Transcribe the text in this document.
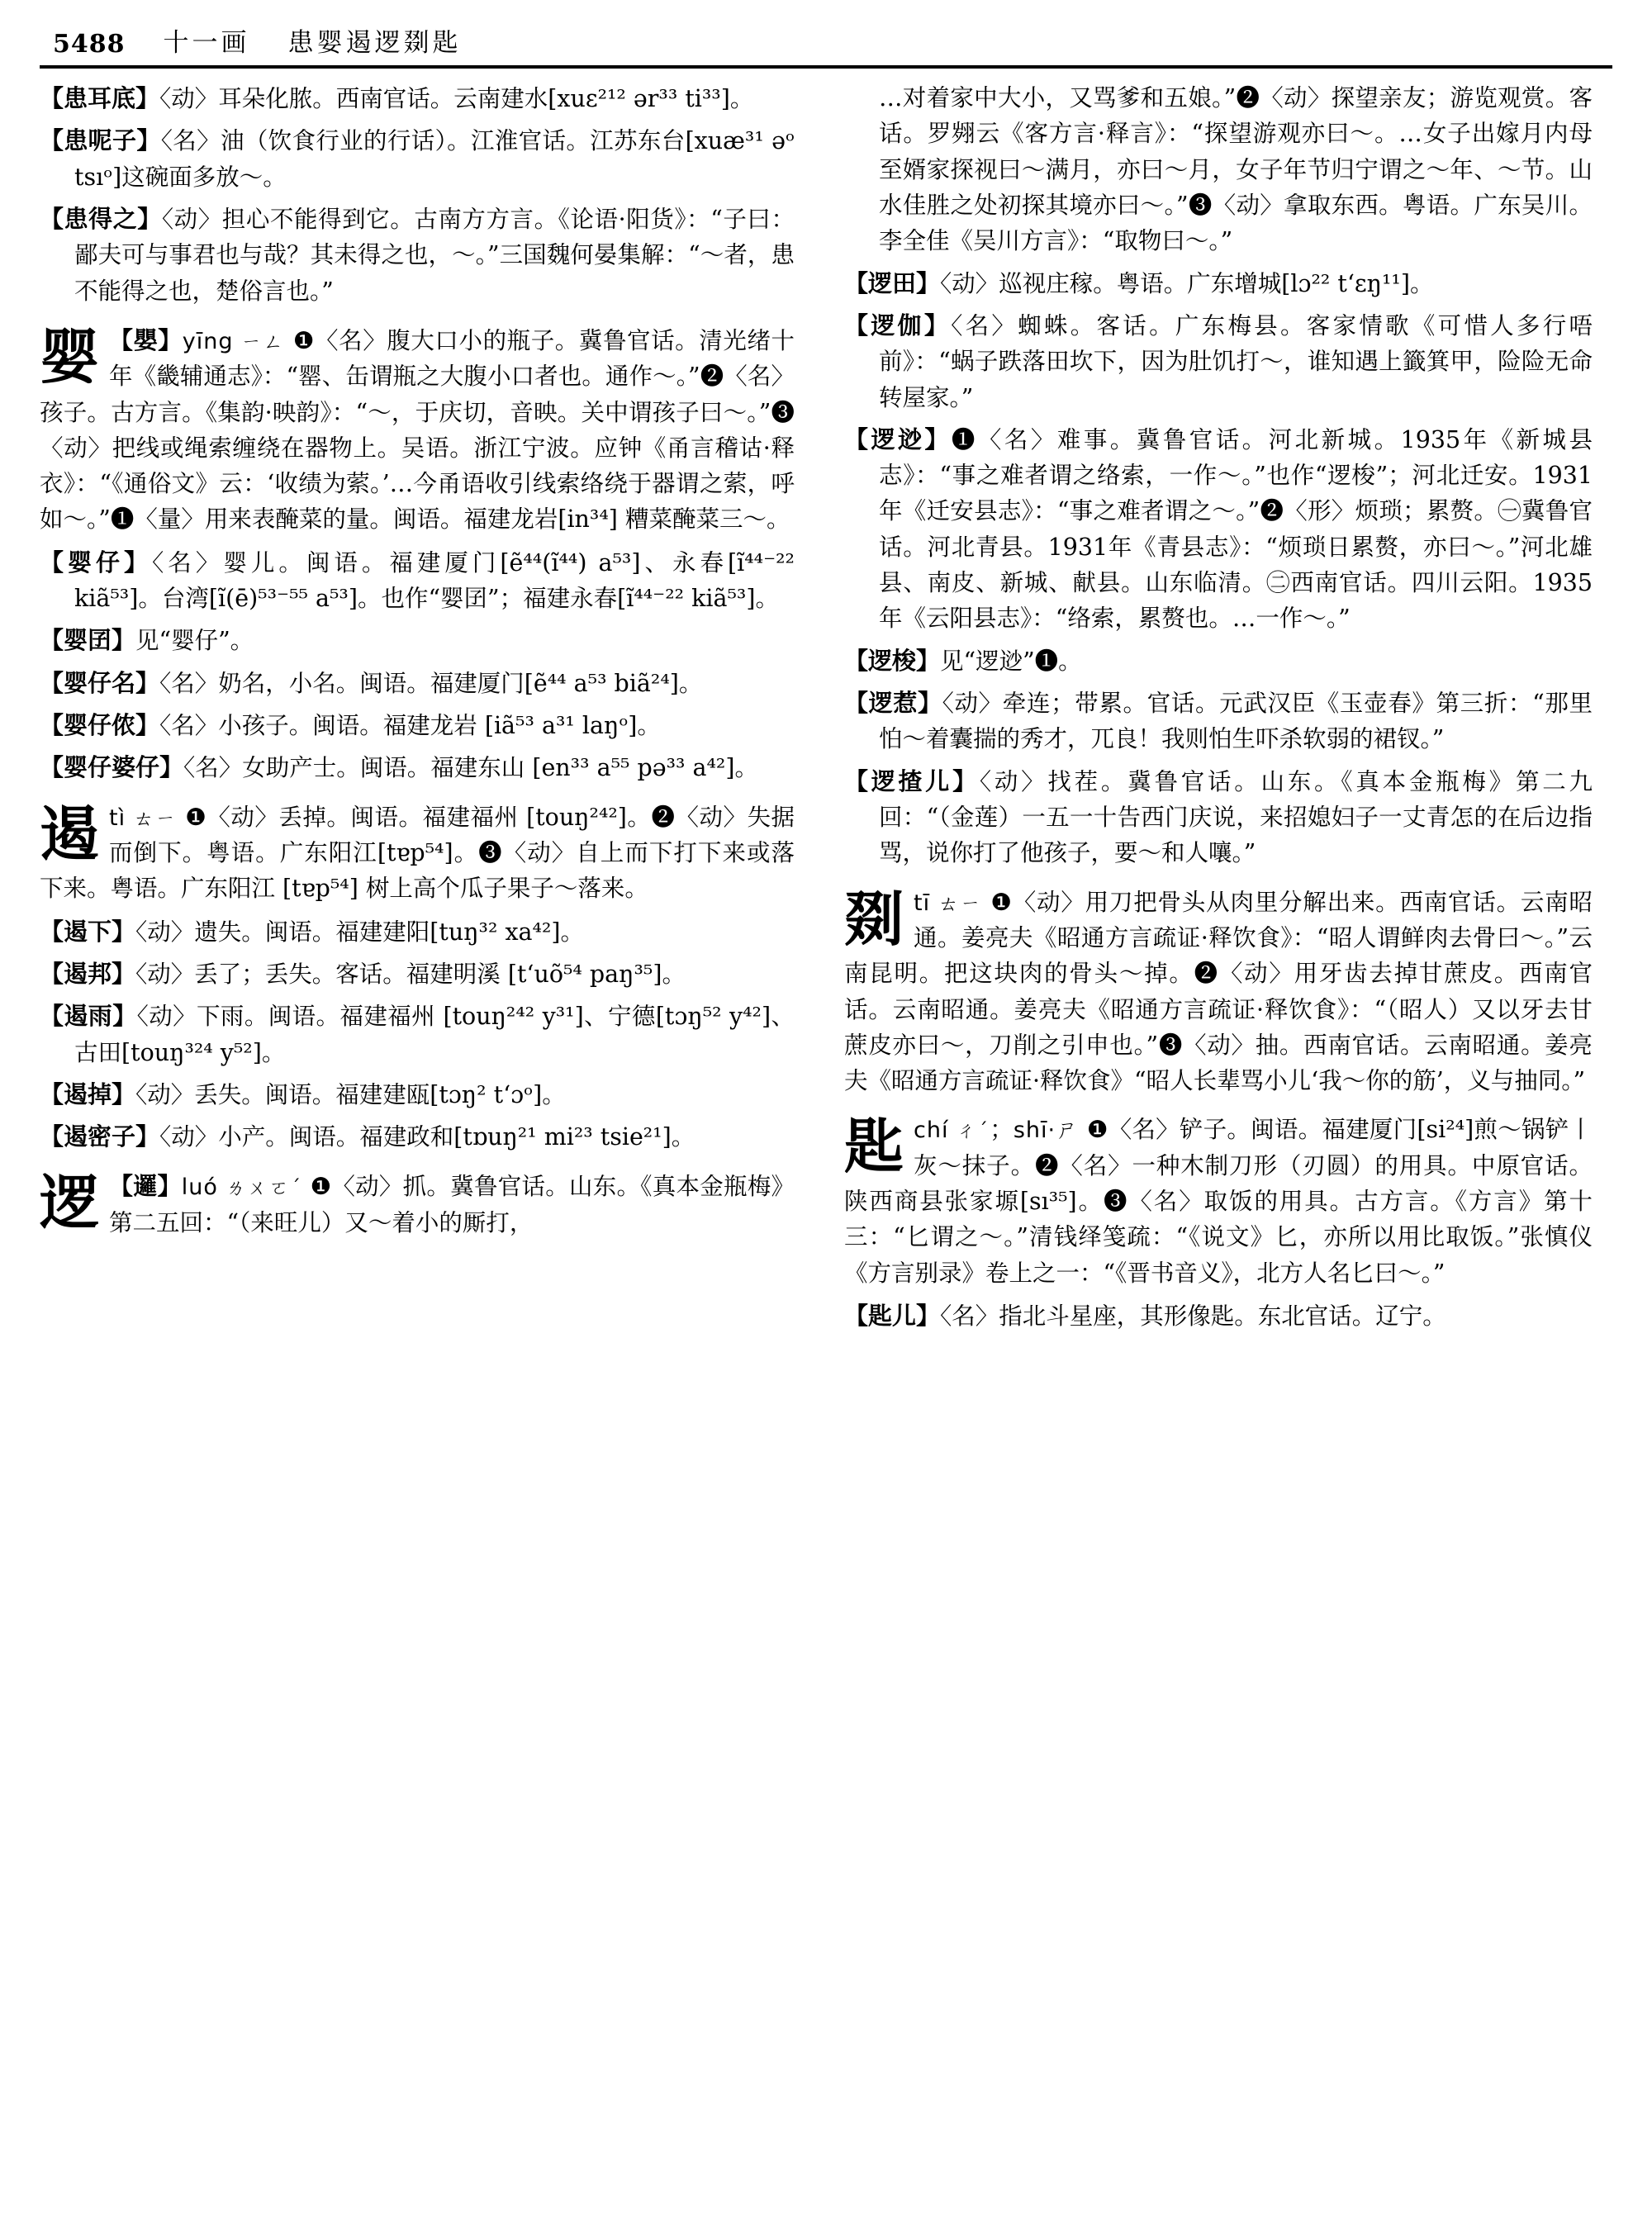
5488 十一画 患婴遏逻剟匙
【患耳底】〈动〉耳朵化脓。西南官话。云南建水[xuɛ²¹² ər³³ ti³³]。
【患呢子】〈名〉油（饮食行业的行话）。江淮官话。江苏东台[xuæ³¹ əᵒ tsıᵒ]这碗面多放～。
【患得之】〈动〉担心不能得到它。古南方方言。《论语·阳货》：“子曰：鄙夫可与事君也与哉？其未得之也，～。”三国魏何晏集解：“～者，患不能得之也，楚俗言也。”
婴 【嬰】yīng ㄧㄥ ❶〈名〉腹大口小的瓶子。冀鲁官话。清光绪十年《畿辅通志》：“罂、缶谓瓶之大腹小口者也。通作～。”❷〈名〉孩子。古方言。《集韵·映韵》：“～，于庆切，音映。关中谓孩子曰～。”❸〈动〉把线或绳索缠绕在器物上。吴语。浙江宁波。应钟《甬言稽诂·释衣》：“《通俗文》云：‘收绩为萦。’…今甬语收引线索络绕于器谓之萦，呼如～。”❶〈量〉用来表醃菜的量。闽语。福建龙岩[in³⁴] 糟菜醃菜三～。
【婴仔】〈名〉婴儿。闽语。福建厦门[ẽ⁴⁴(ĩ⁴⁴) a⁵³]、永春[ĩ⁴⁴⁻²² kiã⁵³]。台湾[ĩ(ē)⁵³⁻⁵⁵ a⁵³]。也作“婴囝”；福建永春[ĩ⁴⁴⁻²² kiã⁵³]。
【婴囝】见“婴仔”。
【婴仔名】〈名〉奶名，小名。闽语。福建厦门[ẽ⁴⁴ a⁵³ biã²⁴]。
【婴仔侬】〈名〉小孩子。闽语。福建龙岩 [iã⁵³ a³¹ laŋᵒ]。
【婴仔婆仔】〈名〉女助产士。闽语。福建东山 [en³³ a⁵⁵ pə³³ a⁴²]。
遏tì ㄊㄧ ❶〈动〉丢掉。闽语。福建福州 [touŋ²⁴²]。❷〈动〉失据而倒下。粤语。广东阳江[tɐp⁵⁴]。❸〈动〉自上而下打下来或落下来。粤语。广东阳江 [tɐp⁵⁴] 树上高个瓜子果子～落来。
【遏下】〈动〉遗失。闽语。福建建阳[tuŋ³² xa⁴²]。
【遏邦】〈动〉丢了；丢失。客话。福建明溪 [t‘uõ⁵⁴ paŋ³⁵]。
【遏雨】〈动〉下雨。闽语。福建福州 [touŋ²⁴² y³¹]、宁德[tɔŋ⁵² y⁴²]、古田[touŋ³²⁴ y⁵²]。
【遏掉】〈动〉丢失。闽语。福建建瓯[tɔŋ² t‘ɔᵒ]。
【遏密子】〈动〉小产。闽语。福建政和[tɒuŋ²¹ mi²³ tsie²¹]。
逻 【邏】luó ㄌㄨㄛˊ ❶〈动〉抓。冀鲁官话。山东。《真本金瓶梅》第二五回：“（来旺儿）又～着小的厮打，
…对着家中大小，又骂爹和五娘。”❷〈动〉探望亲友；游览观赏。客话。罗翙云《客方言·释言》：“探望游观亦曰～。…女子出嫁月内母至婿家探视曰～满月，亦曰～月，女子年节归宁谓之～年、～节。山水佳胜之处初探其境亦曰～。”❸〈动〉拿取东西。粤语。广东吴川。李全佳《吴川方言》：“取物曰～。”
【逻田】〈动〉巡视庄稼。粤语。广东增城[lɔ²² t‘ɛŋ¹¹]。
【逻伽】〈名〉蜘蛛。客话。广东梅县。客家情歌《可惜人多行唔前》：“蜗子跌落田坎下，因为肚饥打～，谁知遇上籤箕甲，险险无命转屋家。”
【逻逤】❶〈名〉难事。冀鲁官话。河北新城。1935年《新城县志》：“事之难者谓之络索，一作～。”也作“逻梭”；河北迁安。1931年《迁安县志》：“事之难者谓之～。”❷〈形〉烦琐；累赘。㊀冀鲁官话。河北青县。1931年《青县志》：“烦琐日累赘，亦曰～。”河北雄县、南皮、新城、献县。山东临清。㊁西南官话。四川云阳。1935年《云阳县志》：“络索，累赘也。…一作～。”
【逻梭】见“逻逤”❶。
【逻惹】〈动〉牵连；带累。官话。元武汉臣《玉壶春》第三折：“那里怕～着囊揣的秀才，兀良！我则怕生吓杀软弱的裙钗。”
【逻揸儿】〈动〉找茬。冀鲁官话。山东。《真本金瓶梅》第二九回：“（金莲）一五一十告西门庆说，来招媳妇子一丈青怎的在后边指骂，说你打了他孩子，要～和人嚷。”
剟tī ㄊㄧ ❶〈动〉用刀把骨头从肉里分解出来。西南官话。云南昭通。姜亮夫《昭通方言疏证·释饮食》：“昭人谓鲜肉去骨曰～。”云南昆明。把这块肉的骨头～掉。❷〈动〉用牙齿去掉甘蔗皮。西南官话。云南昭通。姜亮夫《昭通方言疏证·释饮食》：“（昭人）又以牙去甘蔗皮亦曰～，刀削之引申也。”❸〈动〉抽。西南官话。云南昭通。姜亮夫《昭通方言疏证·释饮食》“昭人长辈骂小儿‘我～你的筋’，义与抽同。”
匙chí ㄔˊ；shī·ㄕ ❶〈名〉铲子。闽语。福建厦门[si²⁴]煎～锅铲丨灰～抹子。❷〈名〉一种木制刀形（刃圆）的用具。中原官话。陕西商县张家塬[sı³⁵]。❸〈名〉取饭的用具。古方言。《方言》第十三：“匕谓之～。”清钱绎笺疏：“《说文》匕，亦所以用比取饭。”张慎仪《方言别录》卷上之一：“《晋书音义》，北方人名匕曰～。”
【匙儿】〈名〉指北斗星座，其形像匙。东北官话。辽宁。
